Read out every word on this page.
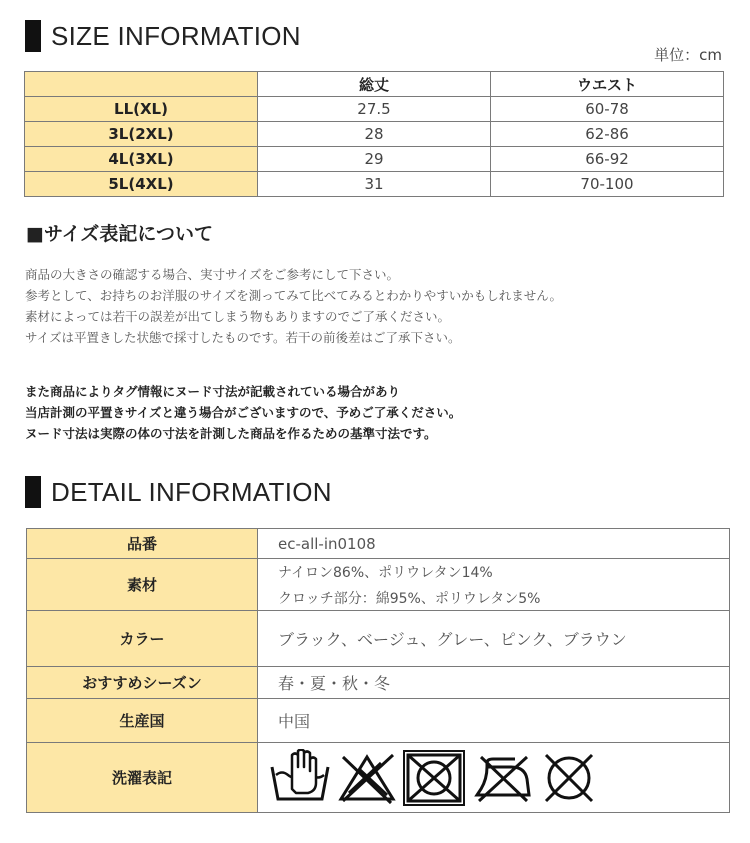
SIZE INFORMATION
単位：cm
	総丈	ウエスト
LL(XL)	27.5	60-78
3L(2XL)	28	62-86
4L(3XL)	29	66-92
5L(4XL)	31	70-100
■サイズ表記について
商品の大きさの確認する場合、実寸サイズをご参考にして下さい。
参考として、お持ちのお洋服のサイズを測ってみて比べてみるとわかりやすいかもしれません。
素材によっては若干の誤差が出てしまう物もありますのでご了承ください。
サイズは平置きした状態で採寸したものです。若干の前後差はご了承下さい。
また商品によりタグ情報にヌード寸法が記載されている場合があり
当店計測の平置きサイズと違う場合がございますので、予めご了承ください。
ヌード寸法は実際の体の寸法を計測した商品を作るための基準寸法です。
DETAIL INFORMATION
品番	ec-all-in0108
素材	ナイロン86%、ポリウレタン14%
クロッチ部分：綿95%、ポリウレタン5%

カラー	ブラック、ベージュ、グレー、ピンク、ブラウン
おすすめシーズン	春・夏・秋・冬
生産国	中国
洗濯表記	
